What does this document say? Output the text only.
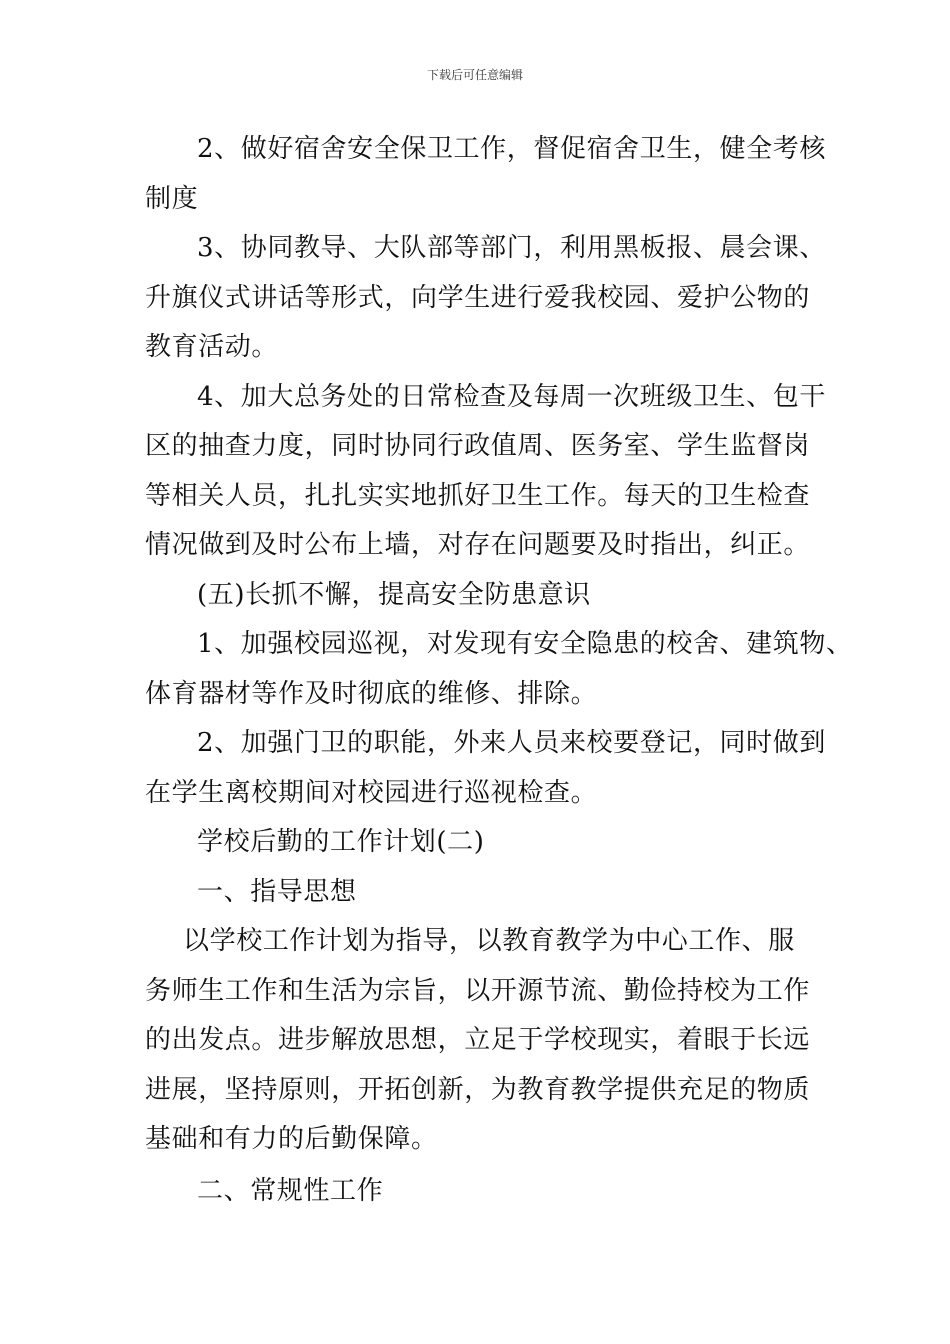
下载后可任意编辑
2、做好宿舍安全保卫工作，督促宿舍卫生，健全考核
制度
3、协同教导、大队部等部门，利用黑板报、晨会课、
升旗仪式讲话等形式，向学生进行爱我校园、爱护公物的
教育活动。
4、加大总务处的日常检查及每周一次班级卫生、包干
区的抽查力度，同时协同行政值周、医务室、学生监督岗
等相关人员，扎扎实实地抓好卫生工作。每天的卫生检查
情况做到及时公布上墙，对存在问题要及时指出，纠正。
(五)长抓不懈，提高安全防患意识
1、加强校园巡视，对发现有安全隐患的校舍、建筑物、
体育器材等作及时彻底的维修、排除。
2、加强门卫的职能，外来人员来校要登记，同时做到
在学生离校期间对校园进行巡视检查。
学校后勤的工作计划(二)
一、指导思想
以学校工作计划为指导，以教育教学为中心工作、服
务师生工作和生活为宗旨，以开源节流、勤俭持校为工作
的出发点。进步解放思想，立足于学校现实，着眼于长远
进展，坚持原则，开拓创新，为教育教学提供充足的物质
基础和有力的后勤保障。
二、常规性工作
